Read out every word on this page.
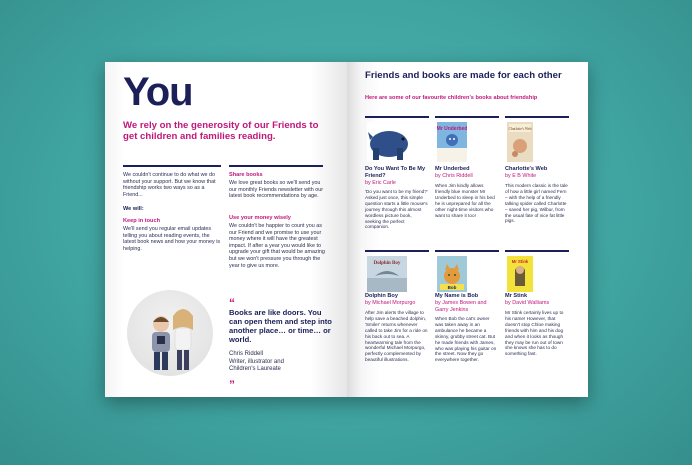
You
We rely on the generosity of our Friends to get children and families reading.
We couldn't continue to do what we do without your support. But we know that friendship works two ways so as a Friend...
We will:
Keep in touch
We'll send you regular email updates telling you about reading events, the latest book news and how your money is helping.
Share books
We love great books so we'll send you our monthly Friends newsletter with our latest book recommendations by age.
Use your money wisely
We couldn't be happier to count you as our Friend and we promise to use your money where it will have the greatest impact. If after a year you would like to upgrade your gift that would be amazing but we won't pressure you through the year to give us more.
“
Books are like doors. You can open them and step into another place… or time… or world.
Chris Riddell
Writer, illustrator and Children's Laureate
”
Friends and books are made for each other
Here are some of our favourite children's books about friendship
Do You Want To Be My Friend?
by Eric Carle
'Do you want to be my friend?' Asked just once, this simple question starts a little mouse's journey through this almost wordless picture book, seeking the perfect companion.
Mr Underbed
Mr Underbed
by Chris Riddell
When Jim kindly allows friendly blue monster Mr Underbed to sleep in his bed he is unprepared for all the other night-time visitors who want to share it too!
Charlotte's Web
Charlotte's Web
by E B White
This modern classic is the tale of how a little girl named Fern – with the help of a friendly talking spider called Charlotte – saved her pig, Wilbur, from the usual fate of nice fat little pigs.
Dolphin Boy
Dolphin Boy
by Michael Morpurgo
After Jim alerts the village to help save a beached dolphin, 'Smiler' returns whenever called to take Jim for a ride on his back out to sea. A heartwarming tale from the wonderful Michael Morpurgo, perfectly complemented by beautiful illustrations.
Bob
My Name is Bob
by James Bowen and Garry Jenkins
When Bob the cat's owner was taken away in an ambulance he became a skinny, grubby street cat. But he made friends with James, who was playing his guitar on the street. Now they go everywhere together.
Mr Stink
Mr Stink
by David Walliams
Mr Stink certainly lives up to his name! However, that doesn't stop Chloe making friends with him and his dog and when it looks as though they may be run out of town she knows she has to do something fast.
